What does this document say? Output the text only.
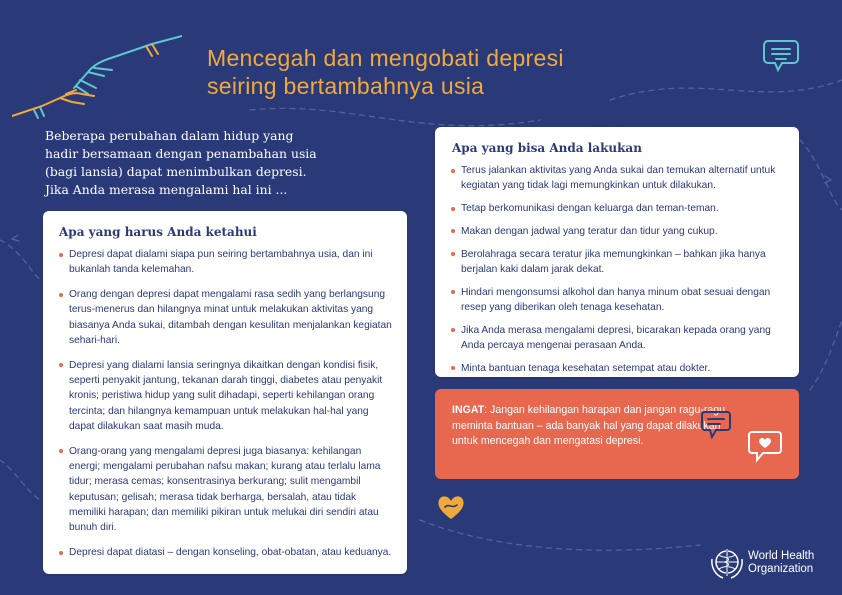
Mencegah dan mengobati depresi
seiring bertambahnya usia
Beberapa perubahan dalam hidup yang
hadir bersamaan dengan penambahan usia
(bagi lansia) dapat menimbulkan depresi.
Jika Anda merasa mengalami hal ini ...
Apa yang harus Anda ketahui
Depresi dapat dialami siapa pun seiring bertambahnya usia, dan ini bukanlah tanda kelemahan.
Orang dengan depresi dapat mengalami rasa sedih yang berlangsung terus-menerus dan hilangnya minat untuk melakukan aktivitas yang biasanya Anda sukai, ditambah dengan kesulitan menjalankan kegiatan sehari-hari.
Depresi yang dialami lansia seringnya dikaitkan dengan kondisi fisik, seperti penyakit jantung, tekanan darah tinggi, diabetes atau penyakit kronis; peristiwa hidup yang sulit dihadapi, seperti kehilangan orang tercinta; dan hilangnya kemampuan untuk melakukan hal-hal yang dapat dilakukan saat masih muda.
Orang-orang yang mengalami depresi juga biasanya: kehilangan energi; mengalami perubahan nafsu makan; kurang atau terlalu lama tidur; merasa cemas; konsentrasinya berkurang; sulit mengambil keputusan; gelisah; merasa tidak berharga, bersalah, atau tidak memiliki harapan; dan memiliki pikiran untuk melukai diri sendiri atau bunuh diri.
Depresi dapat diatasi – dengan konseling, obat-obatan, atau keduanya.
Apa yang bisa Anda lakukan
Terus jalankan aktivitas yang Anda sukai dan temukan alternatif untuk kegiatan yang tidak lagi memungkinkan untuk dilakukan.
Tetap berkomunikasi dengan keluarga dan teman-teman.
Makan dengan jadwal yang teratur dan tidur yang cukup.
Berolahraga secara teratur jika memungkinkan – bahkan jika hanya berjalan kaki dalam jarak dekat.
Hindari mengonsumsi alkohol dan hanya minum obat sesuai dengan resep yang diberikan oleh tenaga kesehatan.
Jika Anda merasa mengalami depresi, bicarakan kepada orang yang Anda percaya mengenai perasaan Anda.
Minta bantuan tenaga kesehatan setempat atau dokter.
INGAT: Jangan kehilangan harapan dan jangan ragu-ragu meminta bantuan – ada banyak hal yang dapat dilakukan untuk mencegah dan mengatasi depresi.
World Health
Organization
